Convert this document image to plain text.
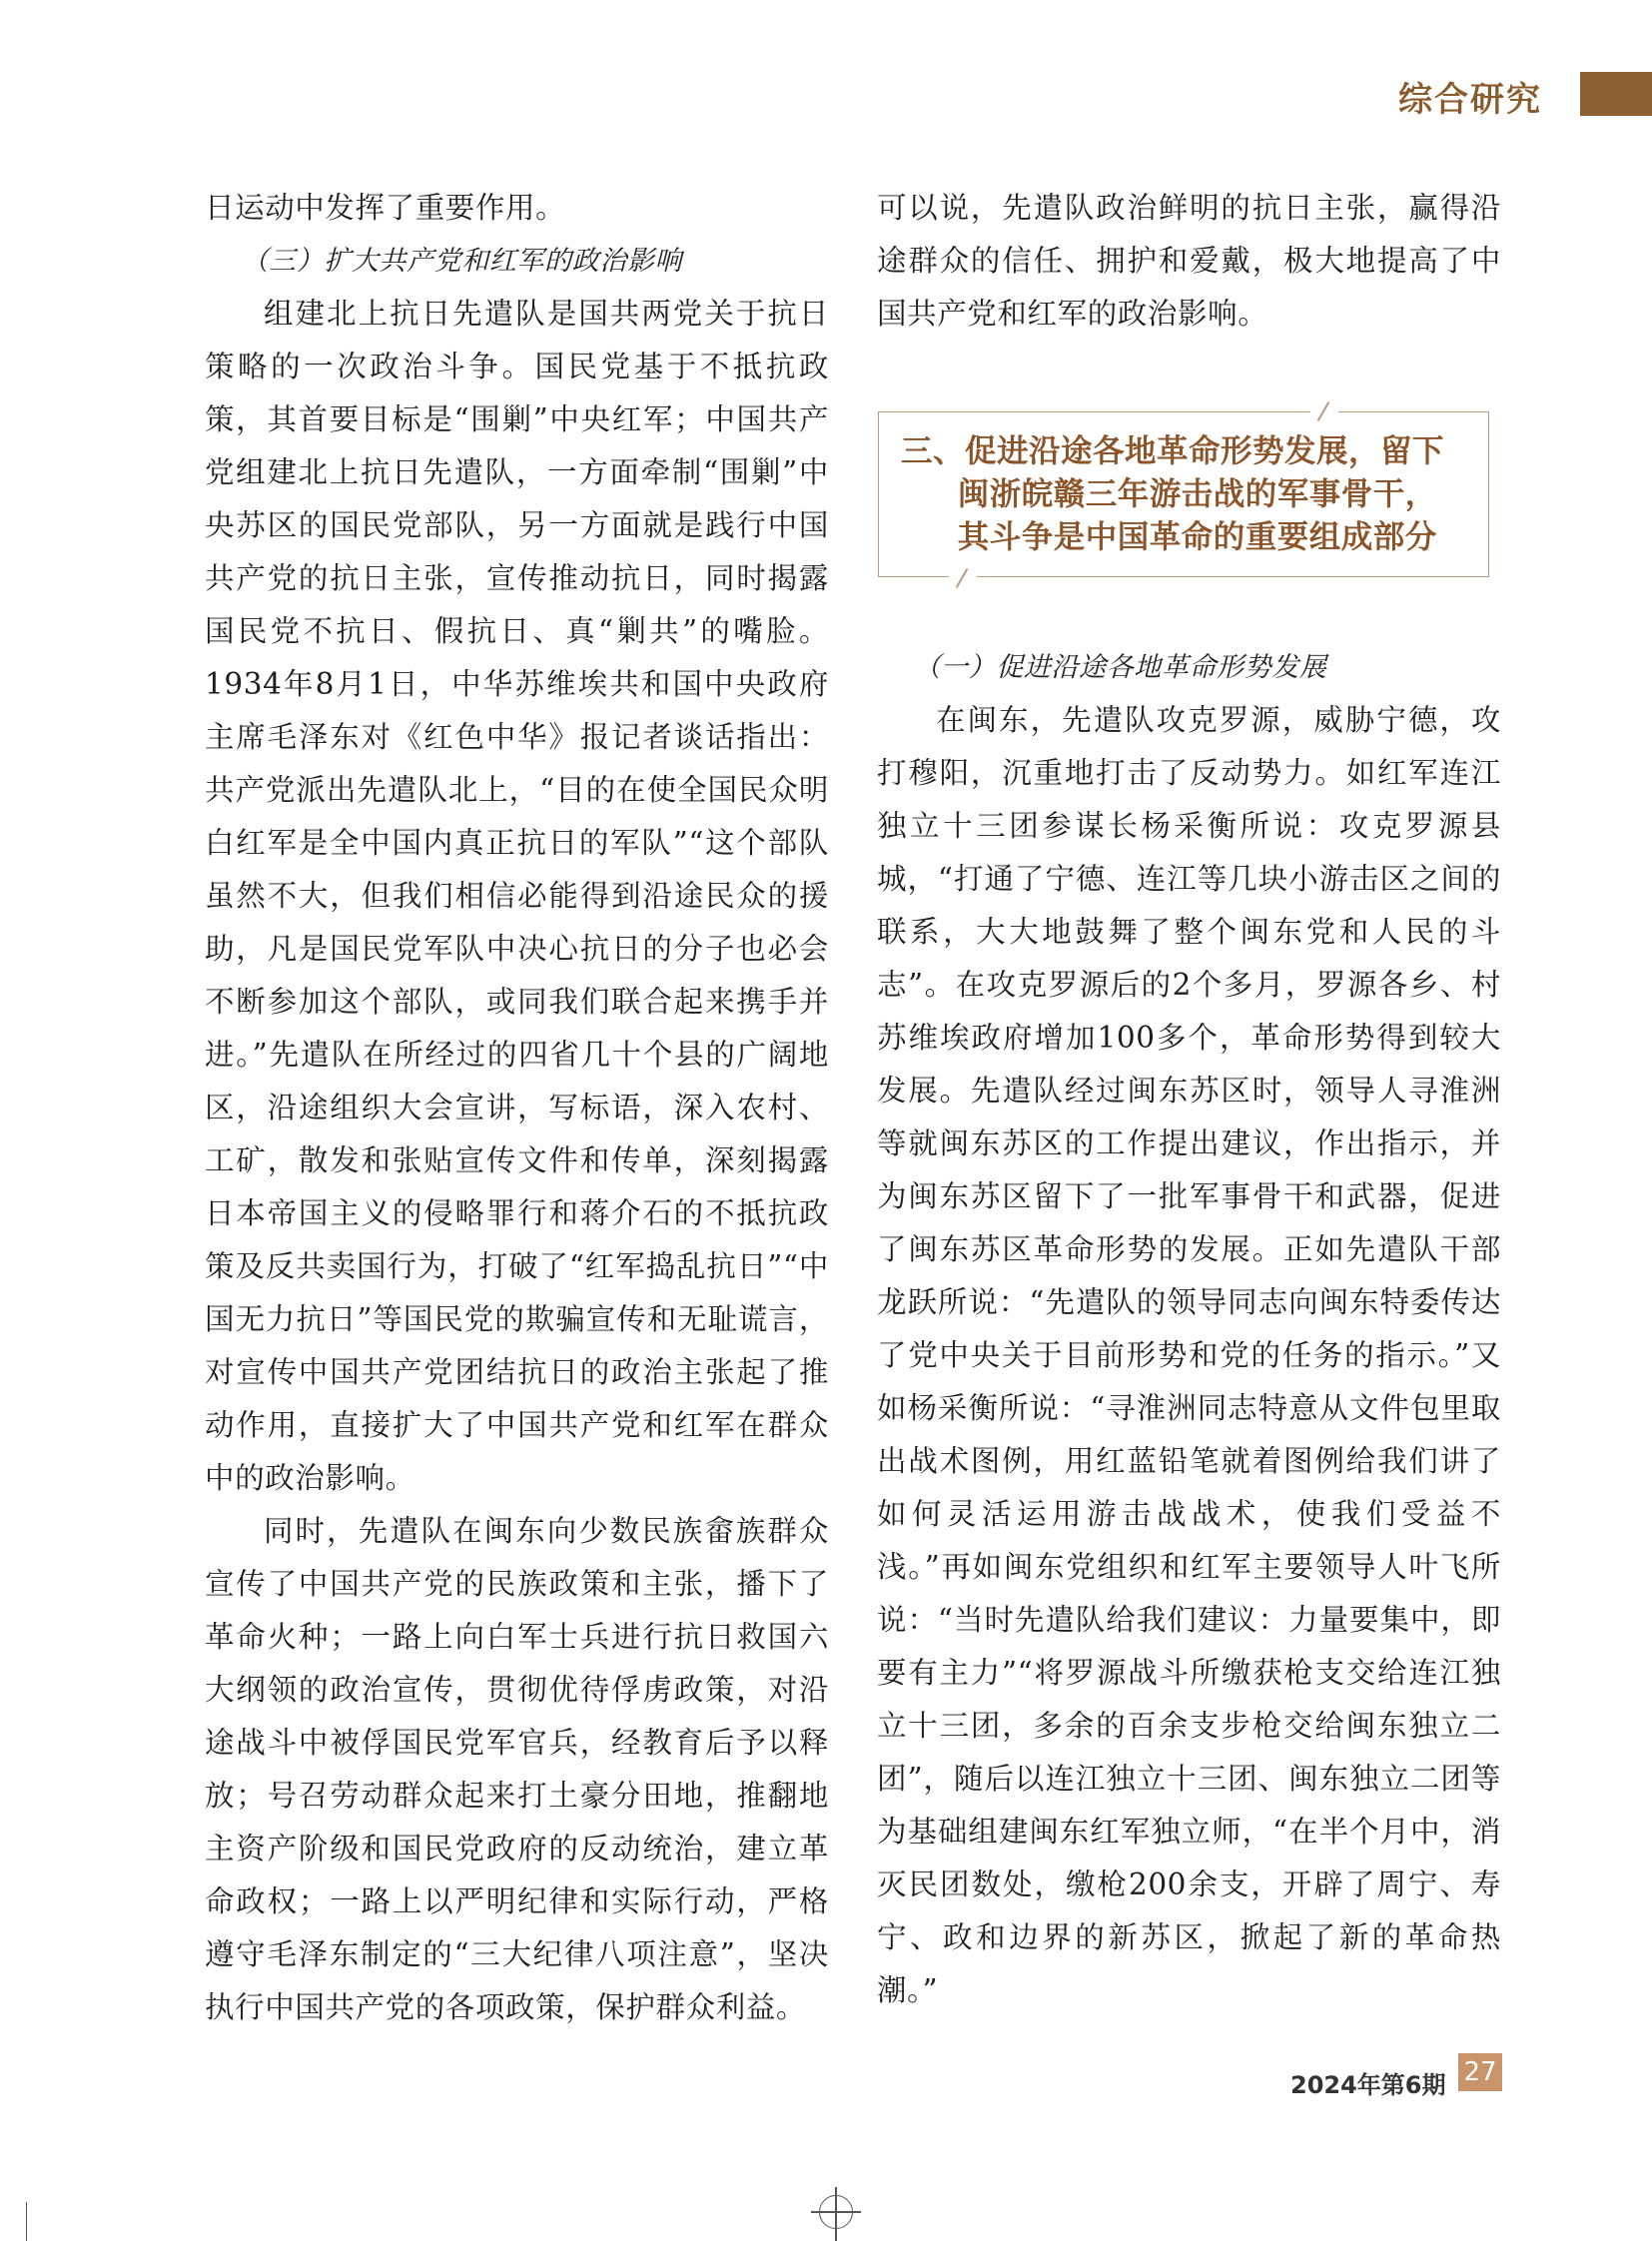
综合研究

日运动中发挥了重要作用。

（三）扩大共产党和红军的政治影响

组建北上抗日先遣队是国共两党关于抗日策略的一次政治斗争。国民党基于不抵抗政策，其首要目标是“围剿”中央红军；中国共产党组建北上抗日先遣队，一方面牵制“围剿”中央苏区的国民党部队，另一方面就是践行中国共产党的抗日主张，宣传推动抗日，同时揭露国民党不抗日、假抗日、真“剿共”的嘴脸。1934年8月1日，中华苏维埃共和国中央政府主席毛泽东对《红色中华》报记者谈话指出：共产党派出先遣队北上，“目的在使全国民众明白红军是全中国内真正抗日的军队”“这个部队虽然不大，但我们相信必能得到沿途民众的援助，凡是国民党军队中决心抗日的分子也必会不断参加这个部队，或同我们联合起来携手并进。”先遣队在所经过的四省几十个县的广阔地区，沿途组织大会宣讲，写标语，深入农村、工矿，散发和张贴宣传文件和传单，深刻揭露日本帝国主义的侵略罪行和蒋介石的不抵抗政策及反共卖国行为，打破了“红军捣乱抗日”“中国无力抗日”等国民党的欺骗宣传和无耻谎言，对宣传中国共产党团结抗日的政治主张起了推动作用，直接扩大了中国共产党和红军在群众中的政治影响。

同时，先遣队在闽东向少数民族畲族群众宣传了中国共产党的民族政策和主张，播下了革命火种；一路上向白军士兵进行抗日救国六大纲领的政治宣传，贯彻优待俘虏政策，对沿途战斗中被俘国民党军官兵，经教育后予以释放；号召劳动群众起来打土豪分田地，推翻地主资产阶级和国民党政府的反动统治，建立革命政权；一路上以严明纪律和实际行动，严格遵守毛泽东制定的“三大纪律八项注意”，坚决执行中国共产党的各项政策，保护群众利益。

可以说，先遣队政治鲜明的抗日主张，赢得沿途群众的信任、拥护和爱戴，极大地提高了中国共产党和红军的政治影响。

三、促进沿途各地革命形势发展，留下闽浙皖赣三年游击战的军事骨干，其斗争是中国革命的重要组成部分
（一）促进沿途各地革命形势发展

在闽东，先遣队攻克罗源，威胁宁德，攻打穆阳，沉重地打击了反动势力。如红军连江独立十三团参谋长杨采衡所说：攻克罗源县城，“打通了宁德、连江等几块小游击区之间的联系，大大地鼓舞了整个闽东党和人民的斗志”。在攻克罗源后的2个多月，罗源各乡、村苏维埃政府增加100多个，革命形势得到较大发展。先遣队经过闽东苏区时，领导人寻淮洲等就闽东苏区的工作提出建议，作出指示，并为闽东苏区留下了一批军事骨干和武器，促进了闽东苏区革命形势的发展。正如先遣队干部龙跃所说：“先遣队的领导同志向闽东特委传达了党中央关于目前形势和党的任务的指示。”又如杨采衡所说：“寻淮洲同志特意从文件包里取出战术图例，用红蓝铅笔就着图例给我们讲了如何灵活运用游击战战术，使我们受益不浅。”再如闽东党组织和红军主要领导人叶飞所说：“当时先遣队给我们建议：力量要集中，即要有主力”“将罗源战斗所缴获枪支交给连江独立十三团，多余的百余支步枪交给闽东独立二团”，随后以连江独立十三团、闽东独立二团等为基础组建闽东红军独立师，“在半个月中，消灭民团数处，缴枪200余支，开辟了周宁、寿宁、政和边界的新苏区，掀起了新的革命热潮。”

2024年第6期 27
